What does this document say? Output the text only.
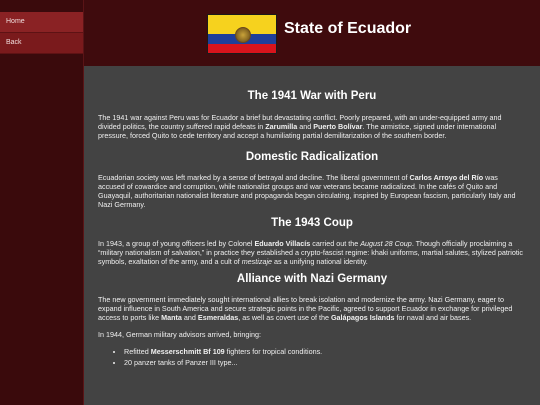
Home
Back
State of Ecuador
The 1941 War with Peru

The 1941 war against Peru was for Ecuador a brief but devastating conflict. Poorly prepared, with an under-equipped army and divided politics, the country suffered rapid defeats in Zarumilla and Puerto Bolívar. The armistice, signed under international pressure, forced Quito to cede territory and accept a humiliating partial demilitarization of the southern border.

Domestic Radicalization

Ecuadorian society was left marked by a sense of betrayal and decline. The liberal government of Carlos Arroyo del Río was accused of cowardice and corruption, while nationalist groups and war veterans became radicalized. In the cafés of Quito and Guayaquil, authoritarian nationalist literature and propaganda began circulating, inspired by European fascism, particularly Italy and Nazi Germany.

The 1943 Coup

In 1943, a group of young officers led by Colonel Eduardo Villacís carried out the August 28 Coup. Though officially proclaiming a “military nationalism of salvation,” in practice they established a crypto-fascist regime: khaki uniforms, martial salutes, stylized patriotic symbols, exaltation of the army, and a cult of mestizaje as a unifying national identity.

Alliance with Nazi Germany

The new government immediately sought international allies to break isolation and modernize the army. Nazi Germany, eager to expand influence in South America and secure strategic points in the Pacific, agreed to support Ecuador in exchange for privileged access to ports like Manta and Esmeraldas, as well as covert use of the Galápagos Islands for naval and air bases.

In 1944, German military advisors arrived, bringing:

• Refitted Messerschmitt Bf 109 fighters for tropical conditions.
• 20 panzer tanks of Panzer III type...
